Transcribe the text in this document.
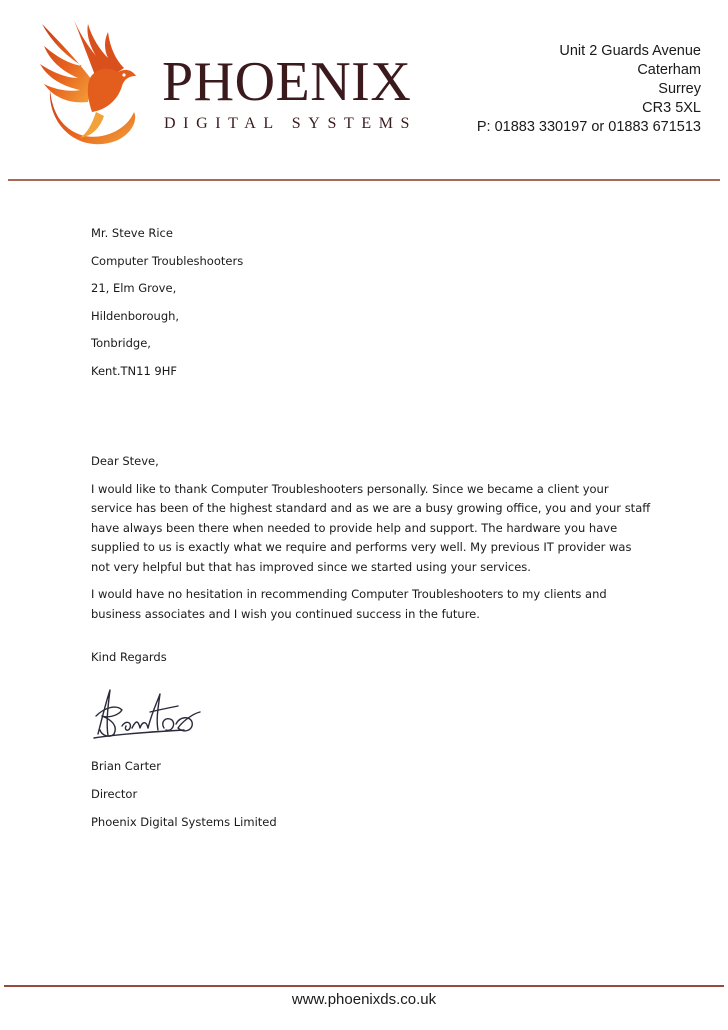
PHOENIX
DIGITAL SYSTEMS
Unit 2 Guards Avenue
Caterham
Surrey
CR3 5XL
P: 01883 330197 or 01883 671513
Mr. Steve Rice
Computer Troubleshooters
21, Elm Grove,
Hildenborough,
Tonbridge,
Kent.TN11 9HF

Dear Steve,

I would like to thank Computer Troubleshooters personally. Since we became a client your service has been of the highest standard and as we are a busy growing office, you and your staff have always been there when needed to provide help and support. The hardware you have supplied to us is exactly what we require and performs very well. My previous IT provider was not very helpful but that has improved since we started using your services.

I would have no hesitation in recommending Computer Troubleshooters to my clients and business associates and I wish you continued success in the future.

Kind Regards
Brian Carter
Director
Phoenix Digital Systems Limited
www.phoenixds.co.uk
